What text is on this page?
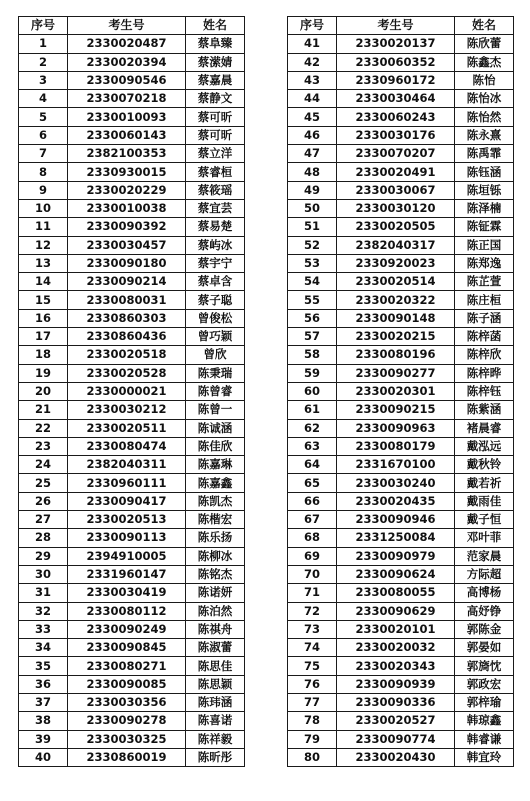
序号	考生号	姓名
1	2330020487	蔡阜臻
2	2330020394	蔡潆婧
3	2330090546	蔡嘉晨
4	2330070218	蔡静文
5	2330010093	蔡可昕
6	2330060143	蔡可昕
7	2382100353	蔡立洋
8	2330930015	蔡睿桓
9	2330020229	蔡筱瑶
10	2330010038	蔡宜芸
11	2330090392	蔡易楚
12	2330030457	蔡屿冰
13	2330090180	蔡宇宁
14	2330090214	蔡卓含
15	2330080031	蔡子聪
16	2330860303	曾俊松
17	2330860436	曾巧颖
18	2330020518	曾欣
19	2330020528	陈秉瑞
20	2330000021	陈曾睿
21	2330030212	陈曾一
22	2330020511	陈诚涵
23	2330080474	陈佳欣
24	2382040311	陈嘉琳
25	2330960111	陈嘉鑫
26	2330090417	陈凯杰
27	2330020513	陈楷宏
28	2330090113	陈乐扬
29	2394910005	陈柳冰
30	2331960147	陈铭杰
31	2330030419	陈诺妍
32	2330080112	陈泊然
33	2330090249	陈祺舟
34	2330090845	陈淑蕾
35	2330080271	陈思佳
36	2330090085	陈思颖
37	2330030356	陈玮涵
38	2330090278	陈喜诺
39	2330030325	陈祥毅
40	2330860019	陈昕彤
序号	考生号	姓名
41	2330020137	陈欣蕾
42	2330060352	陈鑫杰
43	2330960172	陈怡
44	2330030464	陈怡冰
45	2330060243	陈怡然
46	2330030176	陈永熹
47	2330070207	陈禹霏
48	2330020491	陈钰涵
49	2330030067	陈垣铄
50	2330030120	陈泽楠
51	2330020505	陈钲霖
52	2382040317	陈正国
53	2330920023	陈郑逸
54	2330020514	陈芷萱
55	2330020322	陈庄桓
56	2330090148	陈子涵
57	2330020215	陈梓菡
58	2330080196	陈梓欣
59	2330090277	陈梓晔
60	2330020301	陈梓钰
61	2330090215	陈紫涵
62	2330090963	褚晨睿
63	2330080179	戴泓远
64	2331670100	戴秋铃
65	2330030240	戴若祈
66	2330020435	戴雨佳
67	2330090946	戴子恒
68	2331250084	邓叶菲
69	2330090979	范家晨
70	2330090624	方际超
71	2330080055	高博杨
72	2330090629	高妤铮
73	2330020101	郭陈金
74	2330020032	郭晏如
75	2330020343	郭旖忱
76	2330090939	郭政宏
77	2330090336	郭梓瑜
78	2330020527	韩琼鑫
79	2330090774	韩睿谦
80	2330020430	韩宜玲
